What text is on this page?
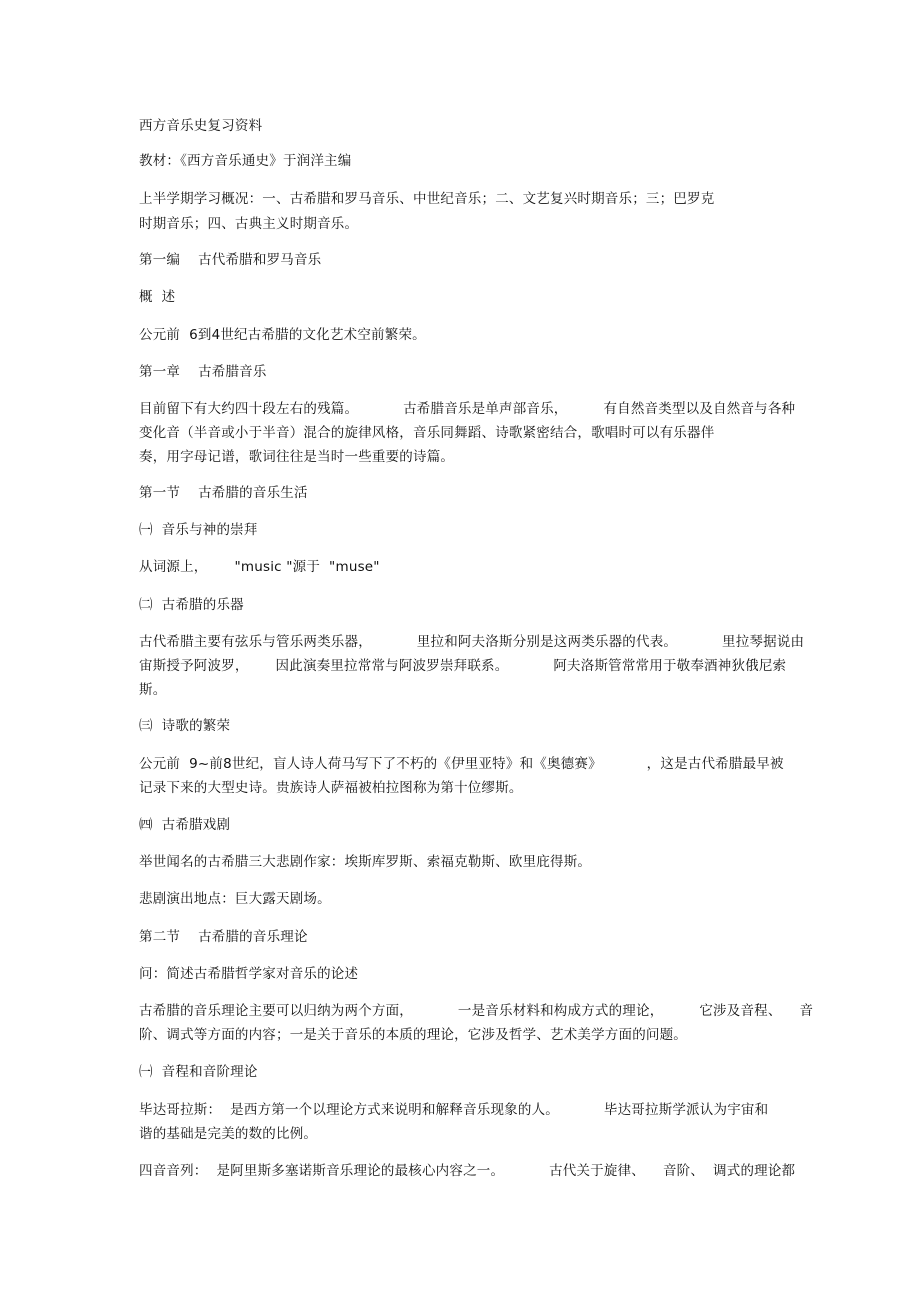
西方音乐史复习资料
教材：《西方音乐通史》于润洋主编
上半学期学习概况：一、古希腊和罗马音乐、中世纪音乐；二、文艺复兴时期音乐；三；巴罗克
时期音乐；四、古典主义时期音乐。
第一编    古代希腊和罗马音乐
概  述
公元前  6到4世纪古希腊的文化艺术空前繁荣。
第一章    古希腊音乐
目前留下有大约四十段左右的残篇。          古希腊音乐是单声部音乐，        有自然音类型以及自然音与各种
变化音（半音或小于半音）混合的旋律风格，音乐同舞蹈、诗歌紧密结合，歌唱时可以有乐器伴
奏，用字母记谱，歌词往往是当时一些重要的诗篇。
第一节    古希腊的音乐生活
㈠  音乐与神的崇拜
从词源上，      "music "源于  "muse"
㈡  古希腊的乐器
古代希腊主要有弦乐与管乐两类乐器，          里拉和阿夫洛斯分别是这两类乐器的代表。          里拉琴据说由
宙斯授予阿波罗，      因此演奏里拉常常与阿波罗崇拜联系。          阿夫洛斯管常常用于敬奉酒神狄俄尼索
斯。
㈢  诗歌的繁荣
公元前  9~前8世纪，盲人诗人荷马写下了不朽的《伊里亚特》和《奥德赛》          ，这是古代希腊最早被
记录下来的大型史诗。贵族诗人萨福被柏拉图称为第十位缪斯。
㈣  古希腊戏剧
举世闻名的古希腊三大悲剧作家：埃斯库罗斯、索福克勒斯、欧里庇得斯。
悲剧演出地点：巨大露天剧场。
第二节    古希腊的音乐理论
问：简述古希腊哲学家对音乐的论述
古希腊的音乐理论主要可以归纳为两个方面，          一是音乐材料和构成方式的理论，        它涉及音程、    音
阶、调式等方面的内容；一是关于音乐的本质的理论，它涉及哲学、艺术美学方面的问题。
㈠  音程和音阶理论
毕达哥拉斯：  是西方第一个以理论方式来说明和解释音乐现象的人。          毕达哥拉斯学派认为宇宙和
谐的基础是完美的数的比例。
四音音列：  是阿里斯多塞诺斯音乐理论的最核心内容之一。          古代关于旋律、    音阶、  调式的理论都
